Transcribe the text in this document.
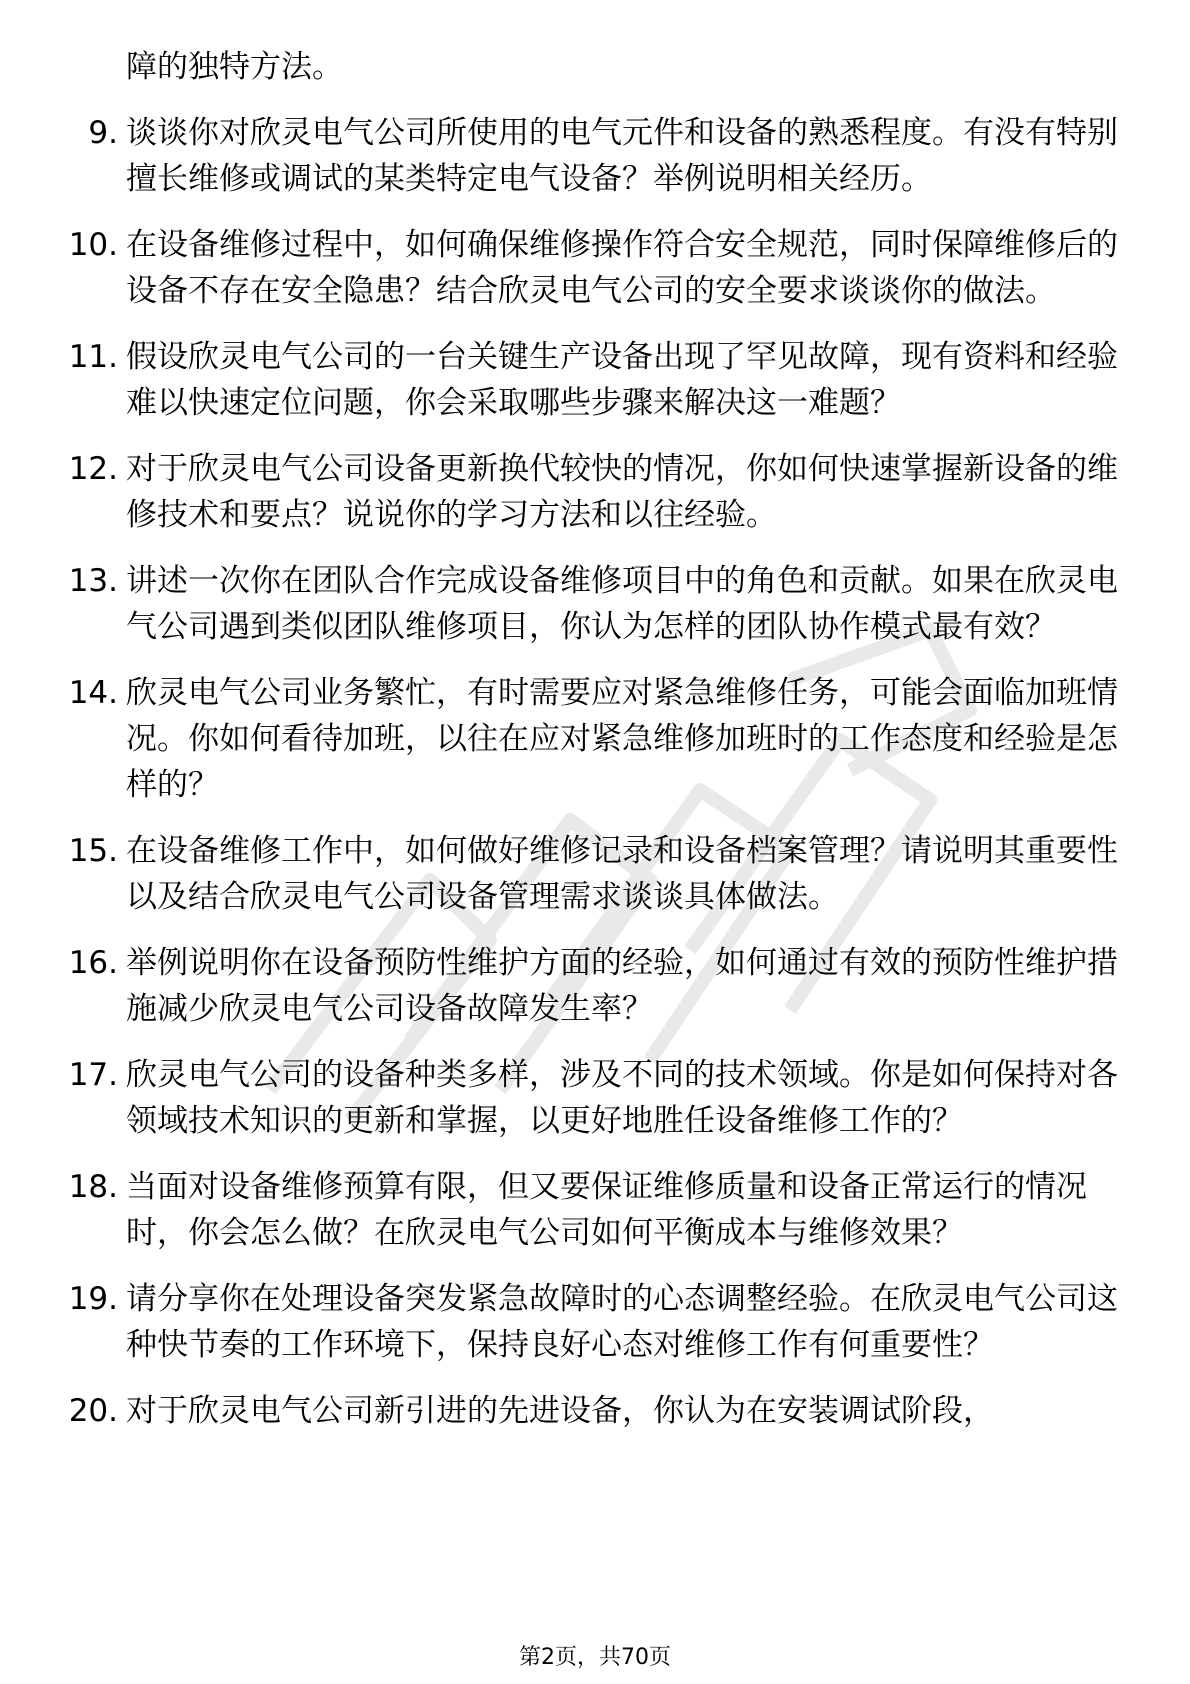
障的独特方法。
9. 谈谈你对欣灵电气公司所使用的电气元件和设备的熟悉程度。有没有特别擅长维修或调试的某类特定电气设备？举例说明相关经历。
10. 在设备维修过程中，如何确保维修操作符合安全规范，同时保障维修后的设备不存在安全隐患？结合欣灵电气公司的安全要求谈谈你的做法。
11. 假设欣灵电气公司的一台关键生产设备出现了罕见故障，现有资料和经验难以快速定位问题，你会采取哪些步骤来解决这一难题？
12. 对于欣灵电气公司设备更新换代较快的情况，你如何快速掌握新设备的维修技术和要点？说说你的学习方法和以往经验。
13. 讲述一次你在团队合作完成设备维修项目中的角色和贡献。如果在欣灵电气公司遇到类似团队维修项目，你认为怎样的团队协作模式最有效？
14. 欣灵电气公司业务繁忙，有时需要应对紧急维修任务，可能会面临加班情况。你如何看待加班，以往在应对紧急维修加班时的工作态度和经验是怎样的？
15. 在设备维修工作中，如何做好维修记录和设备档案管理？请说明其重要性以及结合欣灵电气公司设备管理需求谈谈具体做法。
16. 举例说明你在设备预防性维护方面的经验，如何通过有效的预防性维护措施减少欣灵电气公司设备故障发生率？
17. 欣灵电气公司的设备种类多样，涉及不同的技术领域。你是如何保持对各领域技术知识的更新和掌握，以更好地胜任设备维修工作的？
18. 当面对设备维修预算有限，但又要保证维修质量和设备正常运行的情况时，你会怎么做？在欣灵电气公司如何平衡成本与维修效果？
19. 请分享你在处理设备突发紧急故障时的心态调整经验。在欣灵电气公司这种快节奏的工作环境下，保持良好心态对维修工作有何重要性？
20. 对于欣灵电气公司新引进的先进设备，你认为在安装调试阶段，
第2页，共70页
